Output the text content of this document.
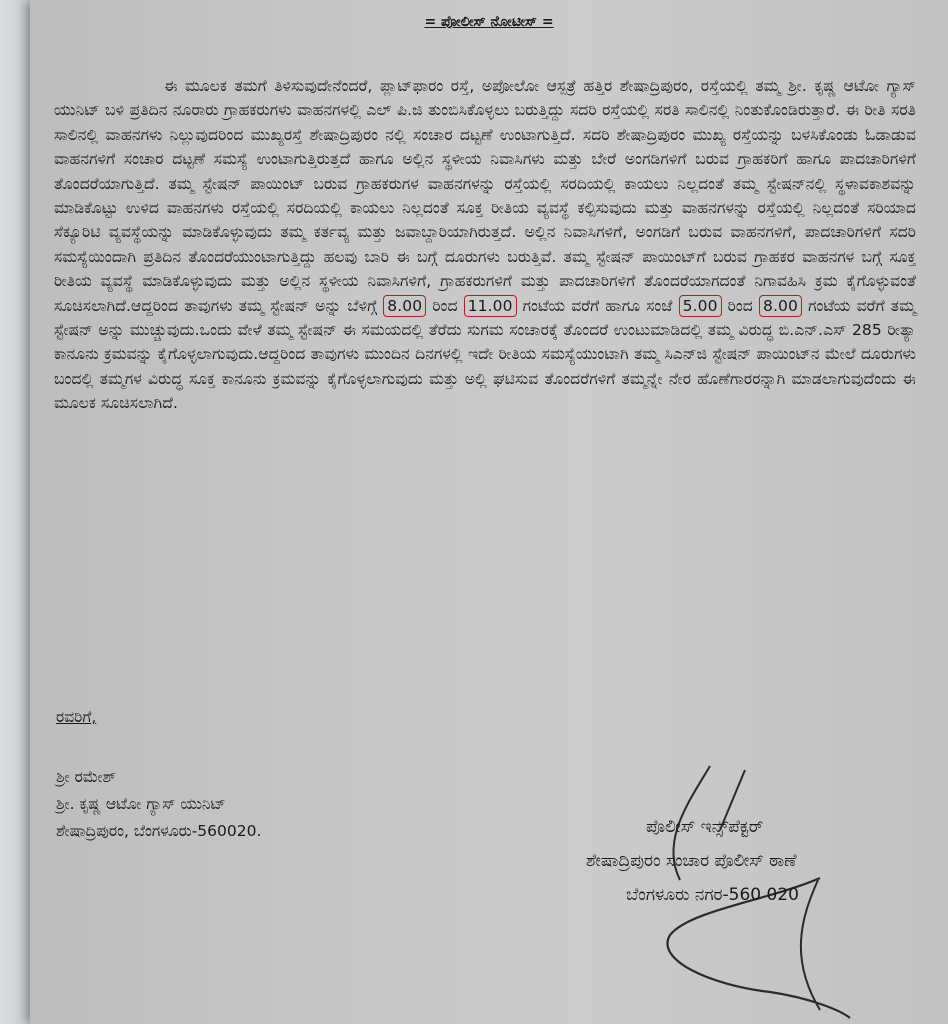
= ಪೋಲೀಸ್ ನೋಟೀಸ್ =
ಈ ಮೂಲಕ ತಮಗೆ ತಿಳಿಸುವುದೇನೆಂದರೆ, ಪ್ಲಾಟ್‌ಫಾರಂ ರಸ್ತೆ, ಅಪೋಲೋ ಆಸ್ಪತ್ರೆ ಹತ್ತಿರ ಶೇಷಾದ್ರಿಪುರಂ, ರಸ್ತೆಯಲ್ಲಿ ತಮ್ಮ ಶ್ರೀ. ಕೃಷ್ಣ ಆಟೋ ಗ್ಯಾಸ್ ಯುನಿಟ್ ಬಳಿ ಪ್ರತಿದಿನ ನೂರಾರು ಗ್ರಾಹಕರುಗಳು ವಾಹನಗಳಲ್ಲಿ ಎಲ್ ಪಿ.ಜಿ ತುಂಬಿಸಿಕೊಳ್ಳಲು ಬರುತ್ತಿದ್ದು ಸದರಿ ರಸ್ತೆಯಲ್ಲಿ ಸರತಿ ಸಾಲಿನಲ್ಲಿ ನಿಂತುಕೊಂಡಿರುತ್ತಾರೆ. ಈ ರೀತಿ ಸರತಿ ಸಾಲಿನಲ್ಲಿ ವಾಹನಗಳು ನಿಲ್ಲುವುದರಿಂದ ಮುಖ್ಯರಸ್ತೆ ಶೇಷಾದ್ರಿಪುರಂ ನಲ್ಲಿ ಸಂಚಾರ ದಟ್ಟಣೆ ಉಂಟಾಗುತ್ತಿದೆ. ಸದರಿ ಶೇಷಾದ್ರಿಪುರಂ ಮುಖ್ಯ ರಸ್ತೆಯನ್ನು ಬಳಸಿಕೊಂಡು ಓಡಾಡುವ ವಾಹನಗಳಿಗೆ ಸಂಚಾರ ದಟ್ಟಣೆ ಸಮಸ್ಯೆ ಉಂಟಾಗುತ್ತಿರುತ್ತದೆ ಹಾಗೂ ಅಲ್ಲಿನ ಸ್ಥಳೀಯ ನಿವಾಸಿಗಳು ಮತ್ತು ಬೇರೆ ಅಂಗಡಿಗಳಿಗೆ ಬರುವ ಗ್ರಾಹಕರಿಗೆ ಹಾಗೂ ಪಾದಚಾರಿಗಳಿಗೆ ತೊಂದರೆಯಾಗುತ್ತಿದೆ. ತಮ್ಮ ಸ್ಟೇಷನ್ ಪಾಯಿಂಟ್ ಬರುವ ಗ್ರಾಹಕರುಗಳ ವಾಹನಗಳನ್ನು ರಸ್ತೆಯಲ್ಲಿ ಸರದಿಯಲ್ಲಿ ಕಾಯಲು ನಿಲ್ಲದಂತೆ ತಮ್ಮ ಸ್ಟೇಷನ್‌ನಲ್ಲಿ ಸ್ಥಳಾವಕಾಶವನ್ನು ಮಾಡಿಕೊಟ್ಟು ಉಳಿದ ವಾಹನಗಳು ರಸ್ತೆಯಲ್ಲಿ ಸರದಿಯಲ್ಲಿ ಕಾಯಲು ನಿಲ್ಲದಂತೆ ಸೂಕ್ತ ರೀತಿಯ ವ್ಯವಸ್ಥೆ ಕಲ್ಪಿಸುವುದು ಮತ್ತು ವಾಹನಗಳನ್ನು ರಸ್ತೆಯಲ್ಲಿ ನಿಲ್ಲದಂತೆ ಸರಿಯಾದ ಸೆಕ್ಯೂರಿಟಿ ವ್ಯವಸ್ಥೆಯನ್ನು ಮಾಡಿಕೊಳ್ಳುವುದು ತಮ್ಮ ಕರ್ತವ್ಯ ಮತ್ತು ಜವಾಬ್ದಾರಿಯಾಗಿರುತ್ತದೆ. ಅಲ್ಲಿನ ನಿವಾಸಿಗಳಿಗೆ, ಅಂಗಡಿಗೆ ಬರುವ ವಾಹನಗಳಿಗೆ, ಪಾದಚಾರಿಗಳಿಗೆ ಸದರಿ ಸಮಸ್ಯೆಯಿಂದಾಗಿ ಪ್ರತಿದಿನ ತೊಂದರೆಯುಂಟಾಗುತ್ತಿದ್ದು ಹಲವು ಬಾರಿ ಈ ಬಗ್ಗೆ ದೂರುಗಳು ಬರುತ್ತಿವೆ. ತಮ್ಮ ಸ್ಟೇಷನ್ ಪಾಯಿಂಟ್‌ಗೆ ಬರುವ ಗ್ರಾಹಕರ ವಾಹನಗಳ ಬಗ್ಗೆ ಸೂಕ್ತ ರೀತಿಯ ವ್ಯವಸ್ಥೆ ಮಾಡಿಕೊಳ್ಳುವುದು ಮತ್ತು ಅಲ್ಲಿನ ಸ್ಥಳೀಯ ನಿವಾಸಿಗಳಿಗೆ, ಗ್ರಾಹಕರುಗಳಿಗೆ ಮತ್ತು ಪಾದಚಾರಿಗಳಿಗೆ ತೊಂದರೆಯಾಗದಂತೆ ನಿಗಾವಹಿಸಿ ಕ್ರಮ ಕೈಗೊಳ್ಳುವಂತೆ ಸೂಚಿಸಲಾಗಿದೆ.ಆದ್ದರಿಂದ ತಾವುಗಳು ತಮ್ಮ ಸ್ಟೇಷನ್ ಅನ್ನು ಬೆಳಿಗ್ಗೆ 8.00 ರಿಂದ 11.00 ಗಂಟೆಯ ವರೆಗೆ ಹಾಗೂ ಸಂಜೆ 5.00 ರಿಂದ 8.00 ಗಂಟೆಯ ವರೆಗೆ ತಮ್ಮ ಸ್ಟೇಷನ್ ಅನ್ನು ಮುಚ್ಚುವುದು.ಒಂದು ವೇಳೆ ತಮ್ಮ ಸ್ಟೇಷನ್ ಈ ಸಮಯದಲ್ಲಿ ತೆರೆದು ಸುಗಮ ಸಂಚಾರಕ್ಕೆ ತೊಂದರೆ ಉಂಟುಮಾಡಿದಲ್ಲಿ ತಮ್ಮ ವಿರುದ್ಧ ಬಿ.ಎನ್.ಎಸ್ 285 ರೀತ್ಯಾ ಕಾನೂನು ಕ್ರಮವನ್ನು ಕೈಗೊಳ್ಳಲಾಗುವುದು.ಆದ್ದರಿಂದ ತಾವುಗಳು ಮುಂದಿನ ದಿನಗಳಲ್ಲಿ ಇದೇ ರೀತಿಯ ಸಮಸ್ಯೆಯುಂಟಾಗಿ ತಮ್ಮ ಸಿಎನ್‌ಜಿ ಸ್ಟೇಷನ್ ಪಾಯಿಂಟ್‌ನ ಮೇಲೆ ದೂರುಗಳು ಬಂದಲ್ಲಿ ತಮ್ಮಗಳ ವಿರುದ್ಧ ಸೂಕ್ತ ಕಾನೂನು ಕ್ರಮವನ್ನು ಕೈಗೊಳ್ಳಲಾಗುವುದು ಮತ್ತು ಅಲ್ಲಿ ಘಟಿಸುವ ತೊಂದರೆಗಳಿಗೆ ತಮ್ಮನ್ನೇ ನೇರ ಹೊಣೆಗಾರರನ್ನಾಗಿ ಮಾಡಲಾಗುವುದೆಂದು ಈ ಮೂಲಕ ಸೂಚಿಸಲಾಗಿದೆ.
ರವರಿಗೆ,
ಶ್ರೀ ರಮೇಶ್
ಶ್ರೀ. ಕೃಷ್ಣ ಆಟೋ ಗ್ಯಾಸ್ ಯುನಿಟ್
ಶೇಷಾದ್ರಿಪುರಂ, ಬೆಂಗಳೂರು-560020.	ಪೊಲೀಸ್ ಇನ್ಸ್‌ಪೆಕ್ಟರ್
ಶೇಷಾದ್ರಿಪುರಂ ಸಂಚಾರ ಪೊಲೀಸ್ ಠಾಣೆ
ಬೆಂಗಳೂರು ನಗರ-560 020
